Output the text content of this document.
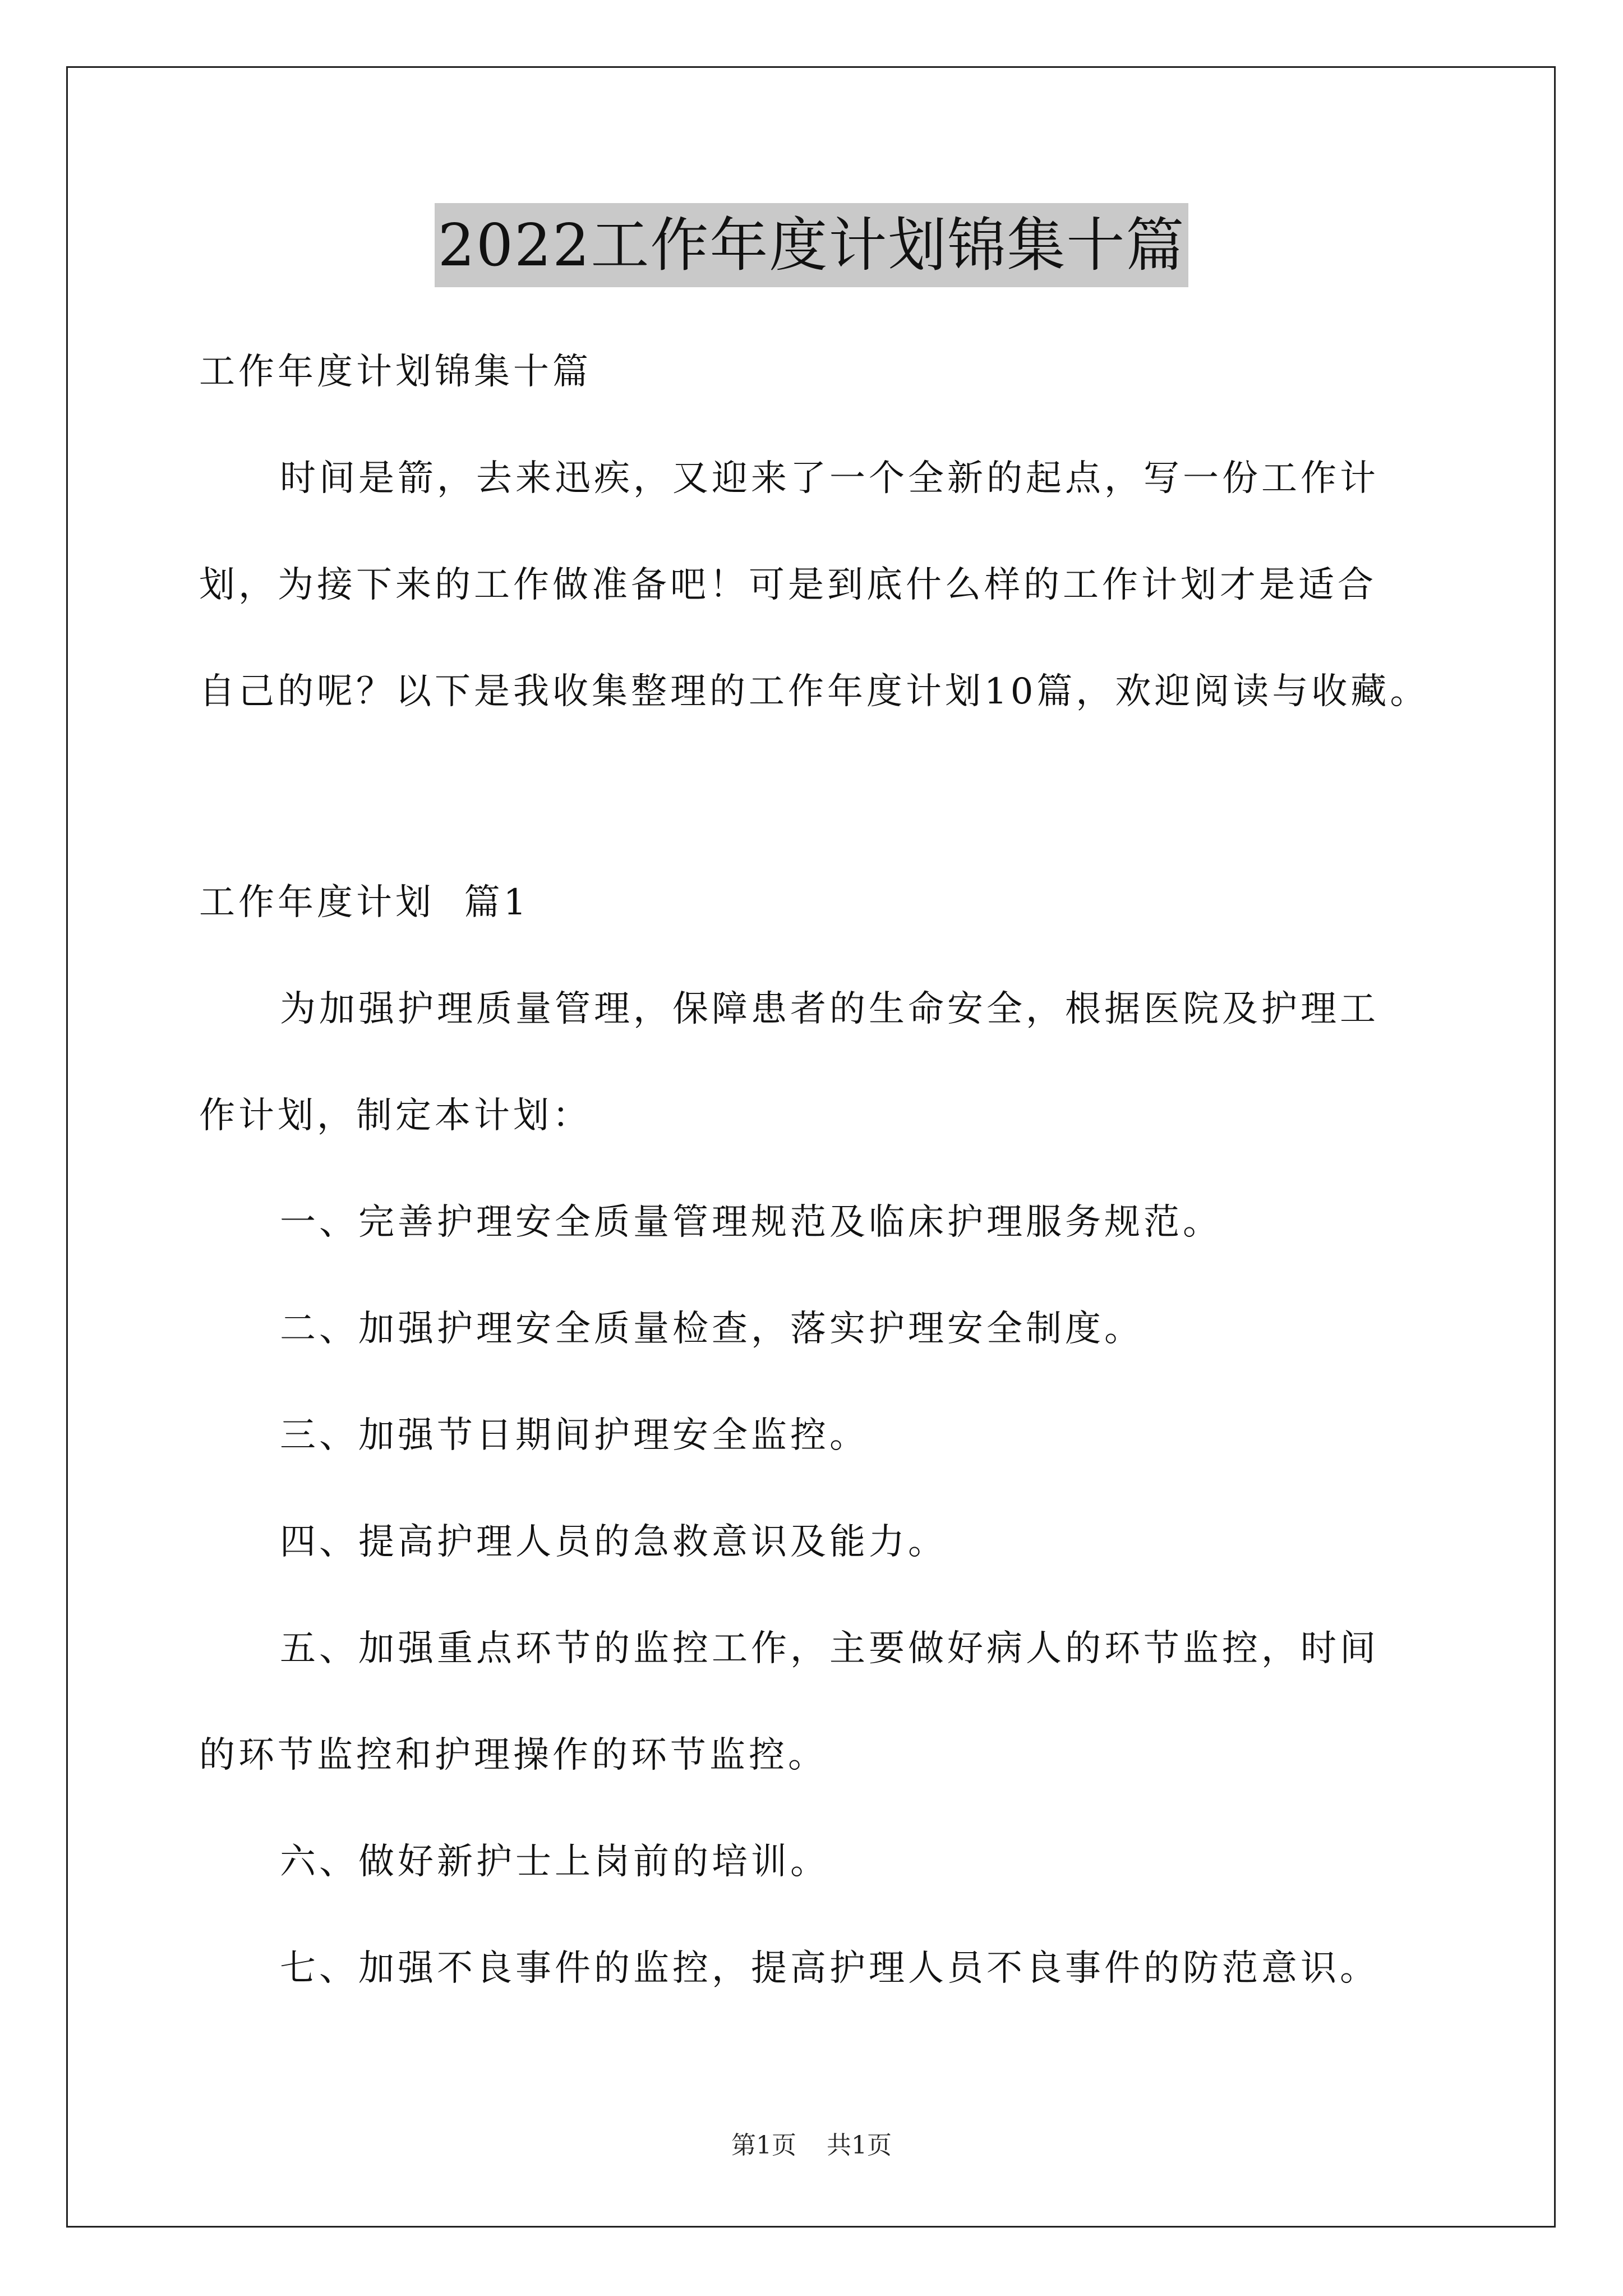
2022工作年度计划锦集十篇
工作年度计划锦集十篇
时间是箭，去来迅疾，又迎来了一个全新的起点，写一份工作计
划，为接下来的工作做准备吧！可是到底什么样的工作计划才是适合
自己的呢？以下是我收集整理的工作年度计划10篇，欢迎阅读与收藏。
工作年度计划  篇1
为加强护理质量管理，保障患者的生命安全，根据医院及护理工
作计划，制定本计划：
一、完善护理安全质量管理规范及临床护理服务规范。
二、加强护理安全质量检查，落实护理安全制度。
三、加强节日期间护理安全监控。
四、提高护理人员的急救意识及能力。
五、加强重点环节的监控工作，主要做好病人的环节监控，时间
的环节监控和护理操作的环节监控。
六、做好新护士上岗前的培训。
七、加强不良事件的监控，提高护理人员不良事件的防范意识。
第1页 共1页
